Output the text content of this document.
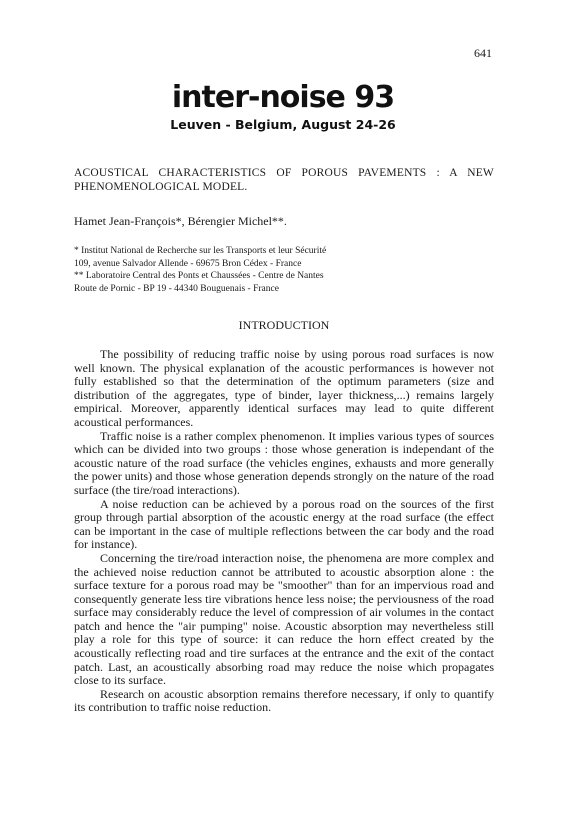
641

inter-noise 93

Leuven - Belgium, August 24-26

ACOUSTICAL CHARACTERISTICS OF POROUS PAVEMENTS : A NEW PHENOMENOLOGICAL MODEL.

Hamet Jean-François*, Bérengier Michel**.

* Institut National de Recherche sur les Transports et leur Sécurité

109, avenue Salvador Allende - 69675 Bron Cédex - France

** Laboratoire Central des Ponts et Chaussées - Centre de Nantes

Route de Pornic - BP 19 - 44340 Bouguenais - France

INTRODUCTION

The possibility of reducing traffic noise by using porous road surfaces is now well known. The physical explanation of the acoustic performances is however not fully established so that the determination of the optimum parameters (size and distribution of the aggregates, type of binder, layer thickness,...) remains largely empirical. Moreover, apparently identical surfaces may lead to quite different acoustical performances.

Traffic noise is a rather complex phenomenon. It implies various types of sources which can be divided into two groups : those whose generation is independant of the acoustic nature of the road surface (the vehicles engines, exhausts and more generally the power units) and those whose generation depends strongly on the nature of the road surface (the tire/road interactions).

A noise reduction can be achieved by a porous road on the sources of the first group through partial absorption of the acoustic energy at the road surface (the effect can be important in the case of multiple reflections between the car body and the road for instance).

Concerning the tire/road interaction noise, the phenomena are more complex and the achieved noise reduction cannot be attributed to acoustic absorption alone : the surface texture for a porous road may be "smoother" than for an impervious road and consequently generate less tire vibrations hence less noise; the perviousness of the road surface may considerably reduce the level of compression of air volumes in the contact patch and hence the "air pumping" noise. Acoustic absorption may nevertheless still play a role for this type of source: it can reduce the horn effect created by the acoustically reflecting road and tire surfaces at the entrance and the exit of the contact patch. Last, an acoustically absorbing road may reduce the noise which propagates close to its surface.

Research on acoustic absorption remains therefore necessary, if only to quantify its contribution to traffic noise reduction.
